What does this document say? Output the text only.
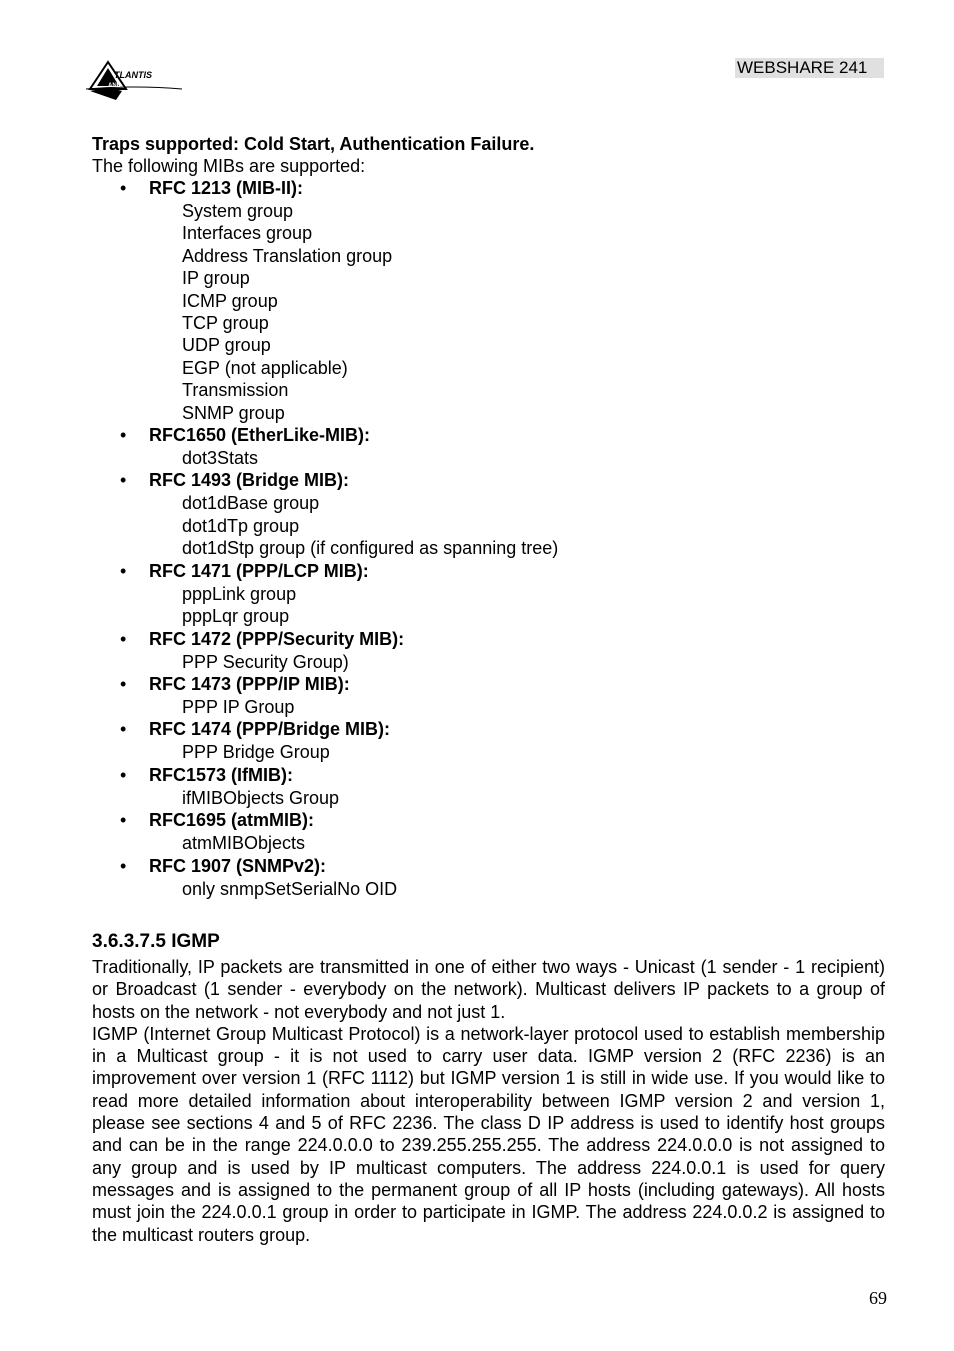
TLANTIS
AND
WEBSHARE 241

Traps supported: Cold Start, Authentication Failure.

The following MIBs are supported:

• RFC 1213 (MIB-II):
System group
Interfaces group
Address Translation group
IP group
ICMP group
TCP group
UDP group
EGP (not applicable)
Transmission
SNMP group
• RFC1650 (EtherLike-MIB):
dot3Stats
• RFC 1493 (Bridge MIB):
dot1dBase group
dot1dTp group
dot1dStp group (if configured as spanning tree)
• RFC 1471 (PPP/LCP MIB):
pppLink group
pppLqr group
• RFC 1472 (PPP/Security MIB):
PPP Security Group)
• RFC 1473 (PPP/IP MIB):
PPP IP Group
• RFC 1474 (PPP/Bridge MIB):
PPP Bridge Group
• RFC1573 (IfMIB):
ifMIBObjects Group
• RFC1695 (atmMIB):
atmMIBObjects
• RFC 1907 (SNMPv2):
only snmpSetSerialNo OID
3.6.3.7.5 IGMP

Traditionally, IP packets are transmitted in one of either two ways - Unicast (1 sender - 1 recipient) or Broadcast (1 sender - everybody on the network). Multicast delivers IP packets to a group of hosts on the network - not everybody and not just 1.

IGMP (Internet Group Multicast Protocol) is a network-layer protocol used to establish membership in a Multicast group - it is not used to carry user data. IGMP version 2 (RFC 2236) is an improvement over version 1 (RFC 1112) but IGMP version 1 is still in wide use. If you would like to read more detailed information about interoperability between IGMP version 2 and version 1, please see sections 4 and 5 of RFC 2236. The class D IP address is used to identify host groups and can be in the range 224.0.0.0 to 239.255.255.255. The address 224.0.0.0 is not assigned to any group and is used by IP multicast computers. The address 224.0.0.1 is used for query messages and is assigned to the permanent group of all IP hosts (including gateways). All hosts must join the 224.0.0.1 group in order to participate in IGMP. The address 224.0.0.2 is assigned to the multicast routers group.

69
